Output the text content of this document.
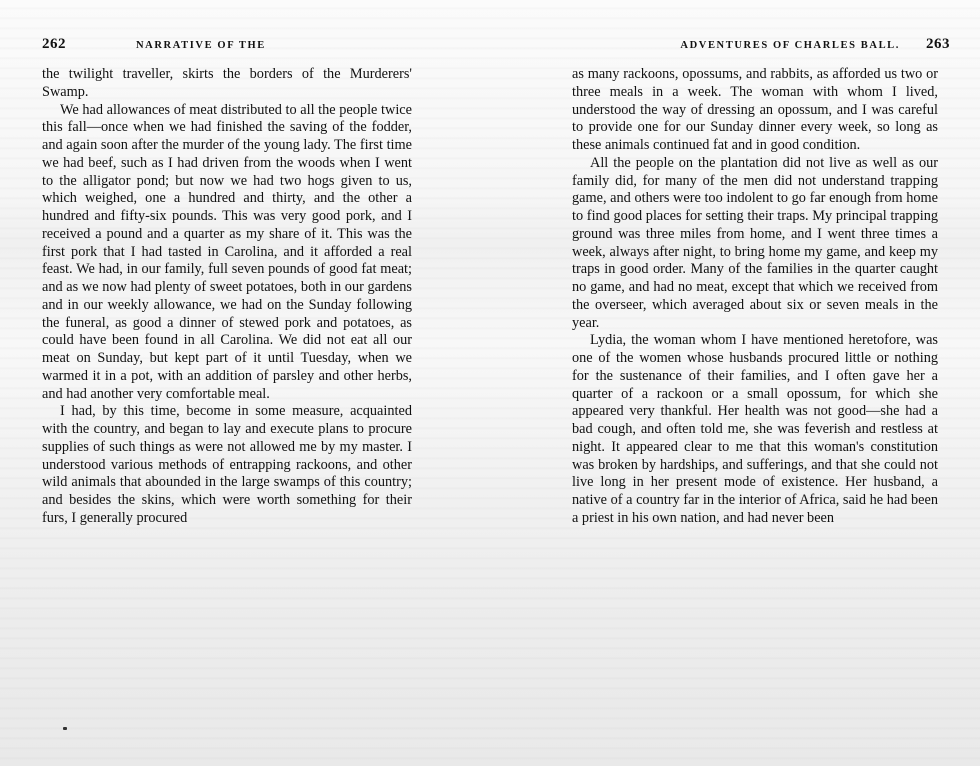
262	NARRATIVE OF THE

the twilight traveller, skirts the borders of the Murderers' Swamp.

We had allowances of meat distributed to all the people twice this fall—once when we had finished the saving of the fodder, and again soon after the murder of the young lady. The first time we had beef, such as I had driven from the woods when I went to the alligator pond; but now we had two hogs given to us, which weighed, one a hundred and thirty, and the other a hundred and fifty-six pounds. This was very good pork, and I received a pound and a quarter as my share of it. This was the first pork that I had tasted in Carolina, and it afforded a real feast. We had, in our family, full seven pounds of good fat meat; and as we now had plenty of sweet potatoes, both in our gardens and in our weekly allowance, we had on the Sunday following the funeral, as good a dinner of stewed pork and potatoes, as could have been found in all Carolina. We did not eat all our meat on Sunday, but kept part of it until Tuesday, when we warmed it in a pot, with an addition of parsley and other herbs, and had another very comfortable meal.

I had, by this time, become in some measure, acquainted with the country, and began to lay and execute plans to procure supplies of such things as were not allowed me by my master. I understood various methods of entrapping rackoons, and other wild animals that abounded in the large swamps of this country; and besides the skins, which were worth something for their furs, I generally procured

ADVENTURES OF CHARLES BALL. 263

as many rackoons, opossums, and rabbits, as afforded us two or three meals in a week. The woman with whom I lived, understood the way of dressing an opossum, and I was careful to provide one for our Sunday dinner every week, so long as these animals continued fat and in good condition.

All the people on the plantation did not live as well as our family did, for many of the men did not understand trapping game, and others were too indolent to go far enough from home to find good places for setting their traps. My principal trapping ground was three miles from home, and I went three times a week, always after night, to bring home my game, and keep my traps in good order. Many of the families in the quarter caught no game, and had no meat, except that which we received from the overseer, which averaged about six or seven meals in the year.

Lydia, the woman whom I have mentioned heretofore, was one of the women whose husbands procured little or nothing for the sustenance of their families, and I often gave her a quarter of a rackoon or a small opossum, for which she appeared very thankful. Her health was not good—she had a bad cough, and often told me, she was feverish and restless at night. It appeared clear to me that this woman's constitution was broken by hardships, and sufferings, and that she could not live long in her present mode of existence. Her husband, a native of a country far in the interior of Africa, said he had been a priest in his own nation, and had never been
